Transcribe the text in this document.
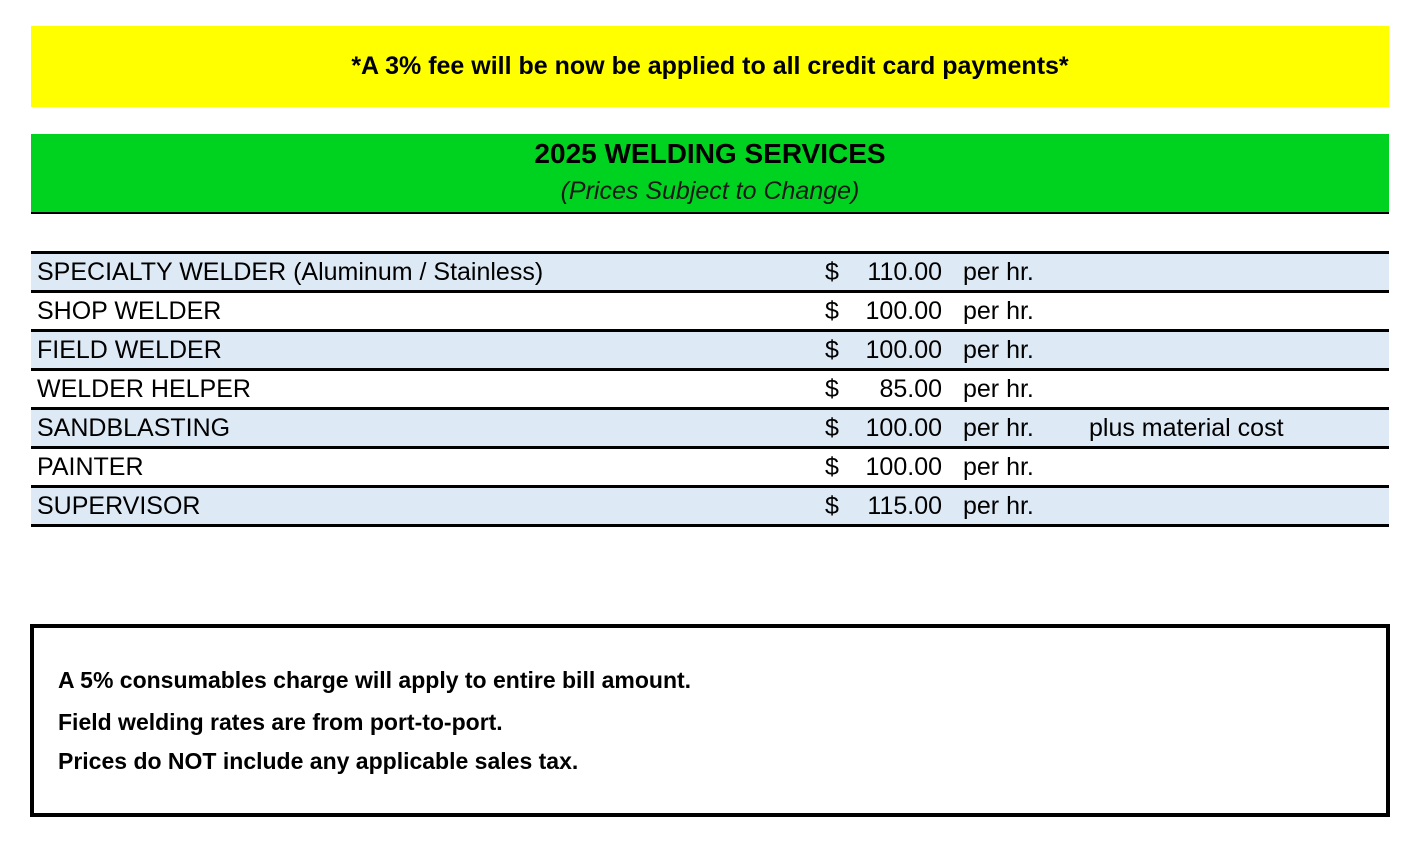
*A 3% fee will be now be applied to all credit card payments*
2025 WELDING SERVICES
(Prices Subject to Change)
SPECIALTY WELDER (Aluminum / Stainless)	$	110.00 per hr.
SHOP WELDER	$	100.00 per hr.
FIELD WELDER	$	100.00 per hr.
WELDER HELPER	$	85.00 per hr.
SANDBLASTING	$	100.00 per hr. plus material cost
PAINTER	$	100.00 per hr.
SUPERVISOR	$	115.00 per hr.
A 5% consumables charge will apply to entire bill amount.
Field welding rates are from port-to-port.
Prices do NOT include any applicable sales tax.
